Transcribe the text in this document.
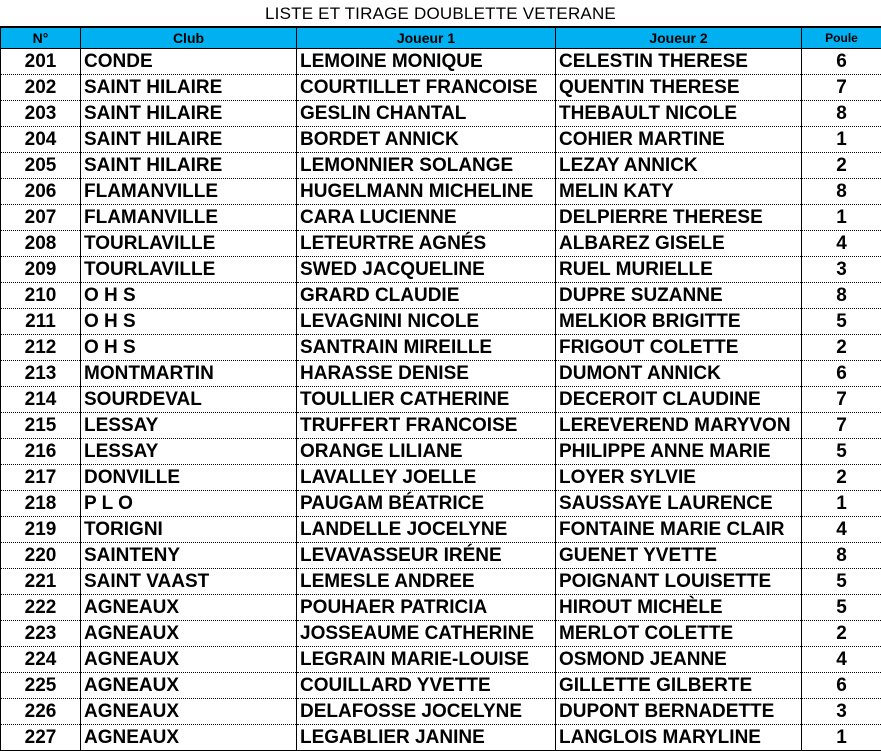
LISTE ET TIRAGE DOUBLETTE VETERANE
N°	Club	Joueur 1	Joueur 2	Poule
201	CONDE	LEMOINE MONIQUE	CELESTIN THERESE	6
202	SAINT HILAIRE	COURTILLET FRANCOISE	QUENTIN THERESE	7
203	SAINT HILAIRE	GESLIN CHANTAL	THEBAULT NICOLE	8
204	SAINT HILAIRE	BORDET ANNICK	COHIER MARTINE	1
205	SAINT HILAIRE	LEMONNIER SOLANGE	LEZAY ANNICK	2
206	FLAMANVILLE	HUGELMANN MICHELINE	MELIN KATY	8
207	FLAMANVILLE	CARA LUCIENNE	DELPIERRE THERESE	1
208	TOURLAVILLE	LETEURTRE AGNÉS	ALBAREZ GISELE	4
209	TOURLAVILLE	SWED JACQUELINE	RUEL MURIELLE	3
210	O H S	GRARD CLAUDIE	DUPRE SUZANNE	8
211	O H S	LEVAGNINI NICOLE	MELKIOR BRIGITTE	5
212	O H S	SANTRAIN MIREILLE	FRIGOUT COLETTE	2
213	MONTMARTIN	HARASSE DENISE	DUMONT ANNICK	6
214	SOURDEVAL	TOULLIER CATHERINE	DECEROIT CLAUDINE	7
215	LESSAY	TRUFFERT FRANCOISE	LEREVEREND MARYVON	7
216	LESSAY	ORANGE LILIANE	PHILIPPE ANNE MARIE	5
217	DONVILLE	LAVALLEY JOELLE	LOYER SYLVIE	2
218	P L O	PAUGAM BÉATRICE	SAUSSAYE LAURENCE	1
219	TORIGNI	LANDELLE JOCELYNE	FONTAINE MARIE CLAIR	4
220	SAINTENY	LEVAVASSEUR IRÉNE	GUENET YVETTE	8
221	SAINT VAAST	LEMESLE ANDREE	POIGNANT LOUISETTE	5
222	AGNEAUX	POUHAER PATRICIA	HIROUT MICHÈLE	5
223	AGNEAUX	JOSSEAUME CATHERINE	MERLOT COLETTE	2
224	AGNEAUX	LEGRAIN MARIE-LOUISE	OSMOND JEANNE	4
225	AGNEAUX	COUILLARD YVETTE	GILLETTE GILBERTE	6
226	AGNEAUX	DELAFOSSE JOCELYNE	DUPONT BERNADETTE	3
227	AGNEAUX	LEGABLIER JANINE	LANGLOIS MARYLINE	1
